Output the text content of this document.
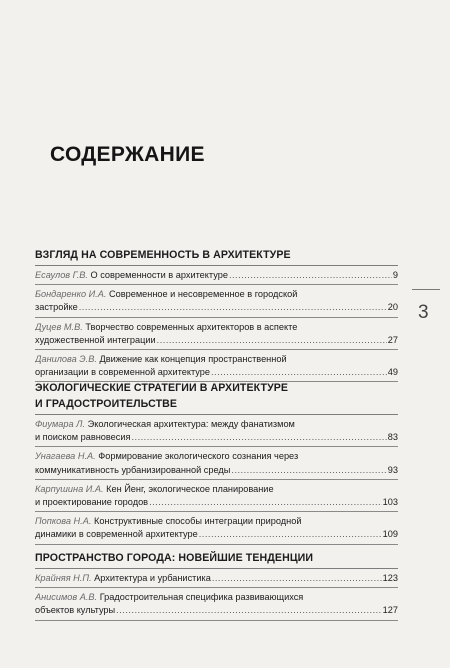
СОДЕРЖАНИЕ
3
ВЗГЛЯД НА СОВРЕМЕННОСТЬ В АРХИТЕКТУРЕ
Есаулов Г.В. О современности в архитектуре .....	9
Бондаренко И.А. Современное и несовременное в городской
застройке .....	20
Дуцев М.В. Творчество современных архитекторов в аспекте
художественной интеграции .....	27
Данилова Э.В. Движение как концепция пространственной
организации в современной архитектуре .....	49
ЭКОЛОГИЧЕСКИЕ СТРАТЕГИИ В АРХИТЕКТУРЕ
И ГРАДОСТРОИТЕЛЬСТВЕ
Фиумара Л. Экологическая архитектура: между фанатизмом
и поиском равновесия .....	83
Унагаева Н.А. Формирование экологического сознания через
коммуникативность урбанизированной среды .....	93
Карпушина И.А. Кен Йенг, экологическое планирование
и проектирование городов .....	103
Попкова Н.А. Конструктивные способы интеграции природной
динамики в современной архитектуре .....	109
ПРОСТРАНСТВО ГОРОДА: НОВЕЙШИЕ ТЕНДЕНЦИИ
Крайняя Н.П. Архитектура и урбанистика .....	123
Анисимов А.В. Градостроительная специфика развивающихся
объектов культуры .....	127
